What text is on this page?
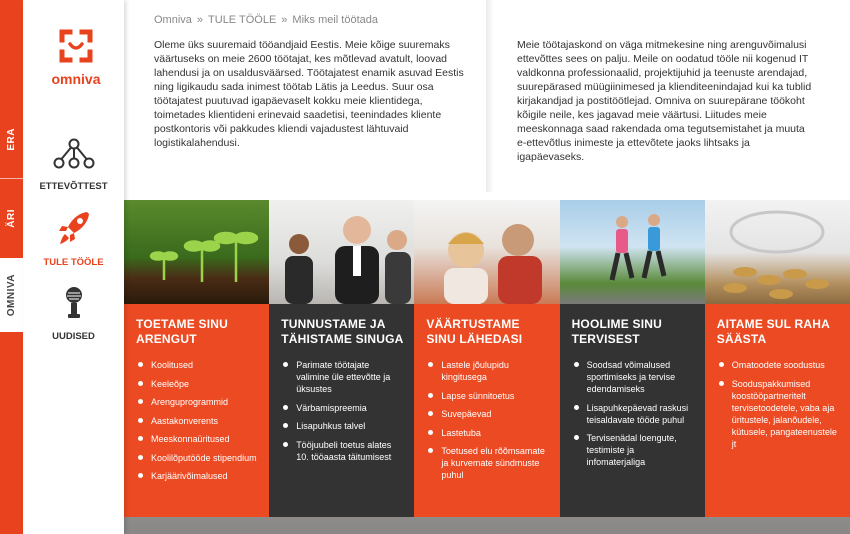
ERA
ÄRI
OMNIVA
omniva
ETTEVÕTTEST
TULE TÖÖLE
UUDISED
Omniva » TULE TÖÖLE » Miks meil töötada

Oleme üks suuremaid tööandjaid Eestis. Meie kõige suuremaks väärtuseks on meie 2600 töötajat, kes mõtlevad avatult, loovad lahendusi ja on usaldusväärsed. Töötajatest enamik asuvad Eestis ning ligikaudu sada inimest töötab Lätis ja Leedus. Suur osa töötajatest puutuvad igapäevaselt kokku meie klientidega, toimetades klientideni erinevaid saadetisi, teenindades kliente postkontoris või pakkudes kliendi vajadustest lähtuvaid logistikalahendusi.

Meie töötajaskond on väga mitmekesine ning arenguvõimalusi ettevõttes sees on palju. Meile on oodatud tööle nii kogenud IT valdkonna professionaalid, projektijuhid ja teenuste arendajad, suurepärased müügiinimesed ja klienditeenindajad kui ka tublid kirjakandjad ja postitöötlejad. Omniva on suurepärane töökoht kõigile neile, kes jagavad meie väärtusi. Liitudes meie meeskonnaga saad rakendada oma tegutsemistahet ja muuta e-ettevõtlus inimeste ja ettevõtete jaoks lihtsaks ja igapäevaseks.

TOETAME SINU ARENGUT
Koolitused
Keeleõpe
Arenguprogrammid
Aastakonverents
Meeskonnaüritused
Koolilõputööde stipendium
Karjäärivõimalused
TUNNUSTAME JA TÄHISTAME SINUGA
Parimate töötajate valimine üle ettevõtte ja üksustes
Värbamispreemia
Lisapuhkus talvel
Tööjuubeli toetus alates 10. tööaasta täitumisest
VÄÄRTUSTAME SINU LÄHEDASI
Lastele jõulupidu kingitusega
Lapse sünnitoetus
Suvepäevad
Lastetuba
Toetused elu rõõmsamate ja kurvemate sündmuste puhul
HOOLIME SINU TERVISEST
Soodsad võimalused sportimiseks ja tervise edendamiseks
Lisapuhkepäevad raskusi teisaldavate tööde puhul
Tervisenädal loengute, testimiste ja infomaterjaliga
AITAME SUL RAHA SÄÄSTA
Omatoodete soodustus
Sooduspakkumised koostööpartneritelt tervisetoodetele, vaba aja üritustele, jalanõudele, kütusele, pangateenustele jt
